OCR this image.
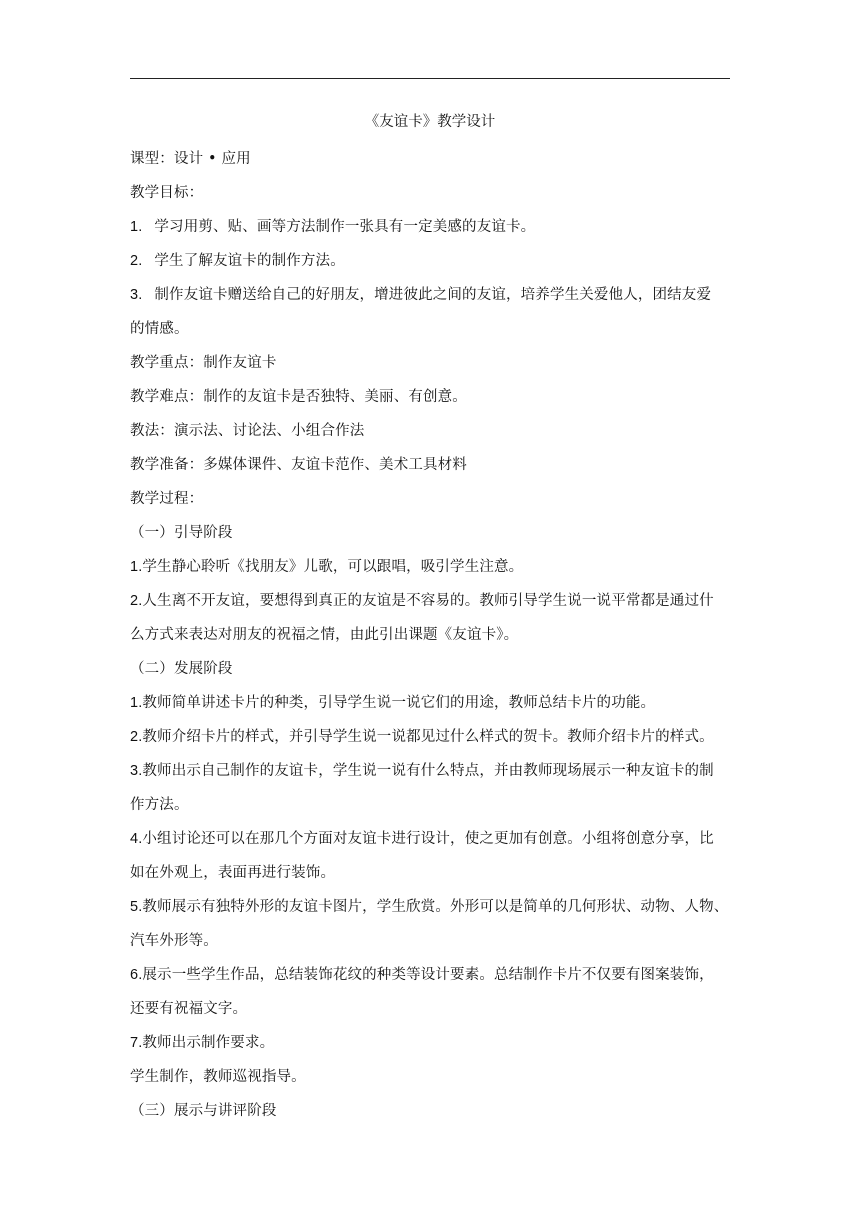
《友谊卡》教学设计
课型：设计 • 应用
教学目标：
1. 学习用剪、贴、画等方法制作一张具有一定美感的友谊卡。
2. 学生了解友谊卡的制作方法。
3. 制作友谊卡赠送给自己的好朋友，增进彼此之间的友谊，培养学生关爱他人，团结友爱
的情感。
教学重点：制作友谊卡
教学难点：制作的友谊卡是否独特、美丽、有创意。
教法：演示法、讨论法、小组合作法
教学准备：多媒体课件、友谊卡范作、美术工具材料
教学过程：
（一）引导阶段
1.学生静心聆听《找朋友》儿歌，可以跟唱，吸引学生注意。
2.人生离不开友谊，要想得到真正的友谊是不容易的。教师引导学生说一说平常都是通过什
么方式来表达对朋友的祝福之情，由此引出课题《友谊卡》。
（二）发展阶段
1.教师简单讲述卡片的种类，引导学生说一说它们的用途，教师总结卡片的功能。
2.教师介绍卡片的样式，并引导学生说一说都见过什么样式的贺卡。教师介绍卡片的样式。
3.教师出示自己制作的友谊卡，学生说一说有什么特点，并由教师现场展示一种友谊卡的制
作方法。
4.小组讨论还可以在那几个方面对友谊卡进行设计，使之更加有创意。小组将创意分享，比
如在外观上，表面再进行装饰。
5.教师展示有独特外形的友谊卡图片，学生欣赏。外形可以是简单的几何形状、动物、人物、
汽车外形等。
6.展示一些学生作品，总结装饰花纹的种类等设计要素。总结制作卡片不仅要有图案装饰，
还要有祝福文字。
7.教师出示制作要求。
学生制作，教师巡视指导。
（三）展示与讲评阶段
